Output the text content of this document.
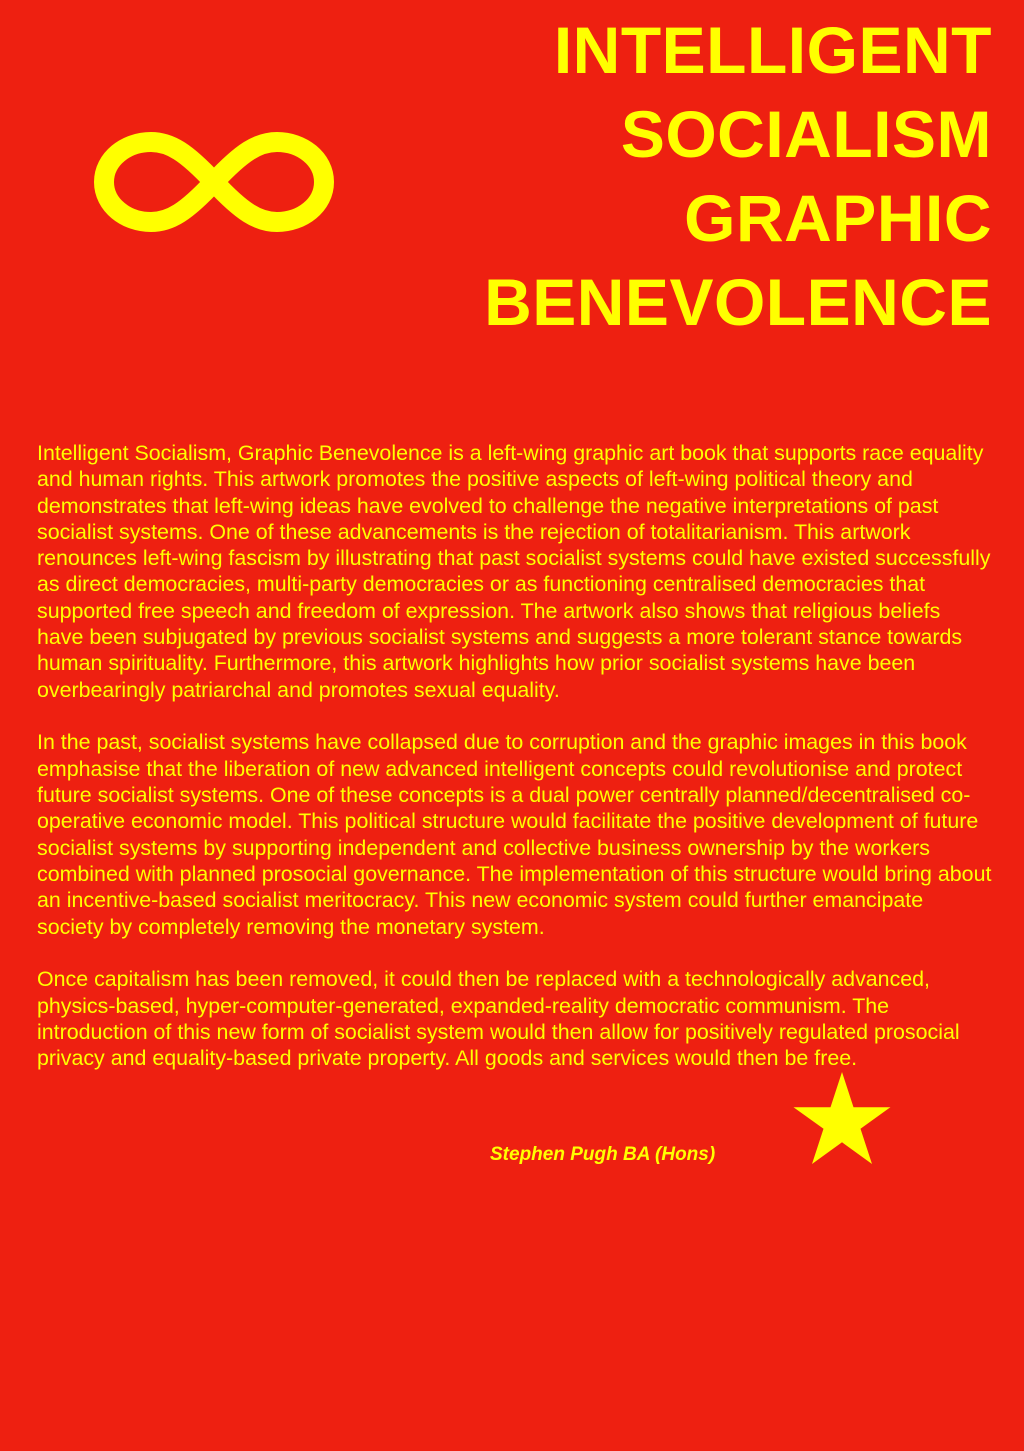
INTELLIGENT
SOCIALISM
GRAPHIC
BENEVOLENCE

Intelligent Socialism, Graphic Benevolence is a left-wing graphic art book that supports race equality and human rights. This artwork promotes the positive aspects of left-wing political theory and demonstrates that left-wing ideas have evolved to challenge the negative interpretations of past socialist systems. One of these advancements is the rejection of totalitarianism. This artwork renounces left-wing fascism by illustrating that past socialist systems could have existed successfully as direct democracies, multi-party democracies or as functioning centralised democracies that supported free speech and freedom of expression. The artwork also shows that religious beliefs have been subjugated by previous socialist systems and suggests a more tolerant stance towards human spirituality. Furthermore, this artwork highlights how prior socialist systems have been overbearingly patriarchal and promotes sexual equality.

In the past, socialist systems have collapsed due to corruption and the graphic images in this book emphasise that the liberation of new advanced intelligent concepts could revolutionise and protect future socialist systems. One of these concepts is a dual power centrally planned/decentralised co-operative economic model. This political structure would facilitate the positive development of future socialist systems by supporting independent and collective business ownership by the workers combined with planned prosocial governance. The implementation of this structure would bring about an incentive-based socialist meritocracy. This new economic system could further emancipate society by completely removing the monetary system.

Once capitalism has been removed, it could then be replaced with a technologically advanced, physics-based, hyper-computer-generated, expanded-reality democratic communism. The introduction of this new form of socialist system would then allow for positively regulated prosocial privacy and equality-based private property. All goods and services would then be free.

Stephen Pugh BA (Hons)
